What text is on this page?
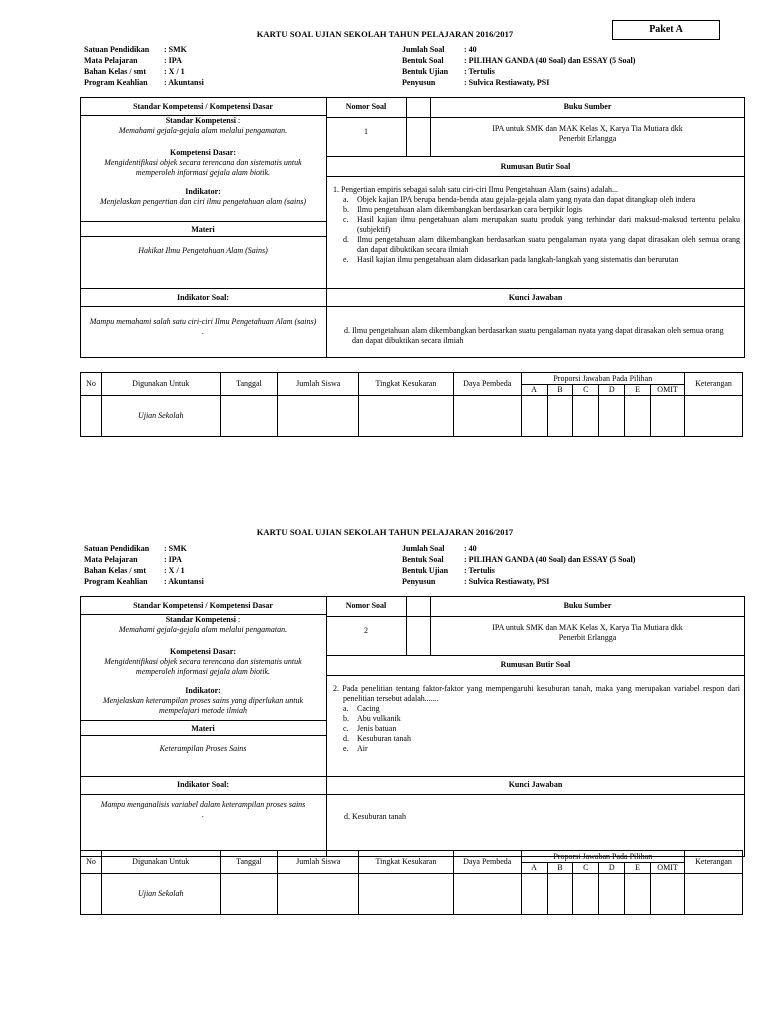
Paket A
KARTU SOAL UJIAN SEKOLAH TAHUN PELAJARAN 2016/2017
Satuan Pendidikan : SMK
Mata Pelajaran	: IPA
Bahan Kelas / smt : X / 1
Program Keahlian : Akuntansi
Jumlah Soal : 40
Bentuk Soal	: PILIHAN GANDA (40 Soal) dan ESSAY (5 Soal)
Bentuk Ujian : Tertulis
Penyusun	: Sulvica Restiawaty, PSI
Standar Kompetensi / Kompetensi Dasar	Nomor Soal	Buku Sumber
Standar Kompetensi :
Memahami gejala-gejala alam melalui pengamatan.
Kompetensi Dasar:
Mengidentifikasi objek secara terencana dan sistematis untuk memperoleh informasi gejala alam biotik.
Indikator:
Menjelaskan pengertian dan ciri ilmu pengetahuan alam (sains)
Materi
Hakikat Ilmu Pengetahuan Alam (Sains)
1	IPA untuk SMK dan MAK Kelas X, Karya Tia Mutiara dkk
Penerbit Erlangga
Rumusan Butir Soal
1. Pengertian empiris sebagai salah satu ciri-ciri Ilmu Pengetahuan Alam (sains) adalah...
a. Objek kajian IPA berupa benda-benda atau gejala-gejala alam yang nyata dan dapat ditangkap oleh indera
b. Ilmu pengetahuan alam dikembangkan berdasarkan cara berpikir logis
c. Hasil kajian ilmu pengetahuan alam merupakan suatu produk yang terhindar dari maksud-maksud tertentu pelaku (subjektif)
d. Ilmu pengetahuan alam dikembangkan berdasarkan suatu pengalaman nyata yang dapat dirasakan oleh semua orang dan dapat dibuktikan secara ilmiah
e. Hasil kajian ilmu pengetahuan alam didasarkan pada langkah-langkah yang sistematis dan berurutan
Indikator Soal:	Kunci Jawaban
Mampu memahami salah satu ciri-ciri Ilmu Pengetahuan Alam (sains)
.	d. Ilmu pengetahuan alam dikembangkan berdasarkan suatu pengalaman nyata yang dapat dirasakan oleh semua orang dan dapat dibuktikan secara ilmiah
No	Digunakan Untuk	Tanggal	Jumlah Siswa	Tingkat Kesukaran	Daya Pembeda	Proporsi Jawaban Pada Pilihan						Keterangan
						A	B	C	D	E	OMIT	
	Ujian Sekolah											
KARTU SOAL UJIAN SEKOLAH TAHUN PELAJARAN 2016/2017
Satuan Pendidikan : SMK
Mata Pelajaran	: IPA
Bahan Kelas / smt : X / 1
Program Keahlian : Akuntansi
Jumlah Soal : 40
Bentuk Soal	: PILIHAN GANDA (40 Soal) dan ESSAY (5 Soal)
Bentuk Ujian : Tertulis
Penyusun	: Sulvica Restiawaty, PSI
Standar Kompetensi / Kompetensi Dasar	Nomor Soal	Buku Sumber
Standar Kompetensi :
Memahami gejala-gejala alam melalui pengamatan.
Kompetensi Dasar:
Mengidentifikasi objek secara terencana dan sistematis untuk memperoleh informasi gejala alam biotik.
Indikator:
Menjelaskan keterampilan proses sains yang diperlukan untuk mempelajari metode ilmiah
Materi
Keterampilan Proses Sains
2	IPA untuk SMK dan MAK Kelas X, Karya Tia Mutiara dkk
Penerbit Erlangga
Rumusan Butir Soal
2. Pada penelitian tentang faktor-faktor yang mempengaruhi kesuburan tanah, maka yang merupakan variabel respon dari penelitian tersebut adalah.......
a. Cacing
b. Abu vulkanik
c. Jenis batuan
d. Kesuburan tanah
e. Air
Indikator Soal:	Kunci Jawaban
Mampu menganalisis variabel dalam keterampilan proses sains
.	d. Kesuburan tanah
No	Digunakan Untuk	Tanggal	Jumlah Siswa	Tingkat Kesukaran	Daya Pembeda	Proporsi Jawaban Pada Pilihan						Keterangan
						A	B	C	D	E	OMIT	
	Ujian Sekolah											
